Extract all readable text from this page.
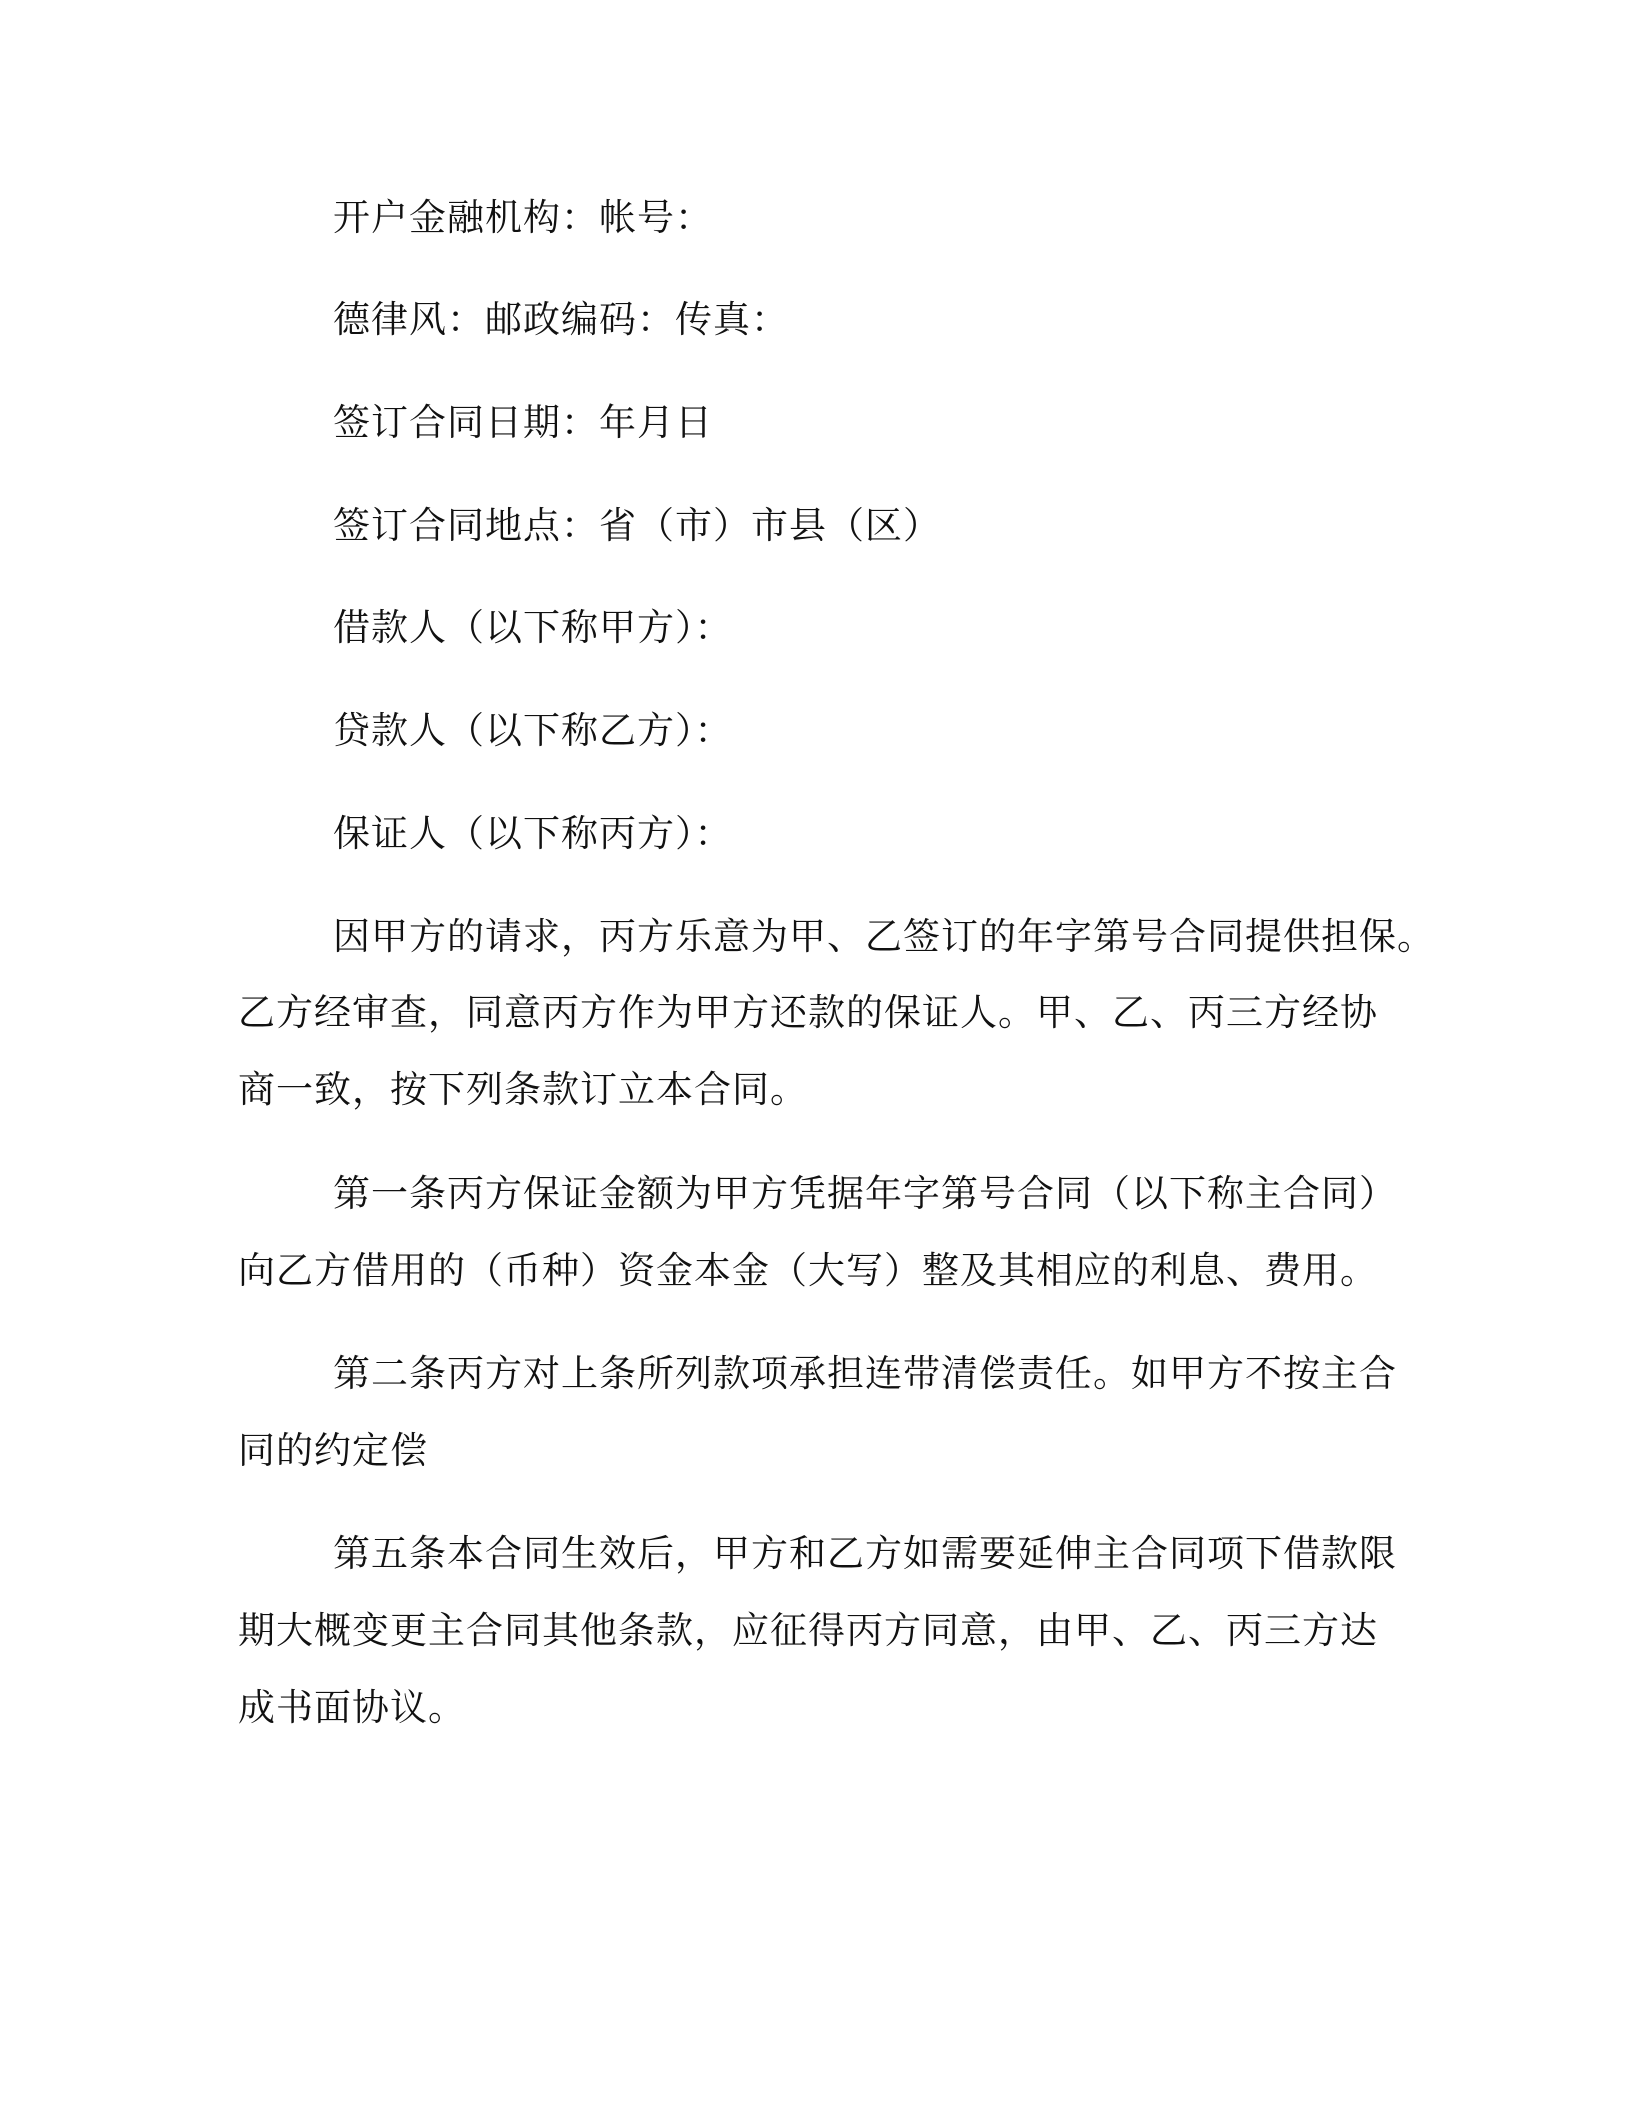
开户金融机构：帐号：
德律风：邮政编码：传真：
签订合同日期：年月日
签订合同地点：省（市）市县（区）
借款人（以下称甲方）：
贷款人（以下称乙方）：
保证人（以下称丙方）：
因甲方的请求，丙方乐意为甲、乙签订的年字第号合同提供担保。
乙方经审查，同意丙方作为甲方还款的保证人。甲、乙、丙三方经协
商一致，按下列条款订立本合同。
第一条丙方保证金额为甲方凭据年字第号合同（以下称主合同）
向乙方借用的（币种）资金本金（大写）整及其相应的利息、费用。
第二条丙方对上条所列款项承担连带清偿责任。如甲方不按主合
同的约定偿
第五条本合同生效后，甲方和乙方如需要延伸主合同项下借款限
期大概变更主合同其他条款，应征得丙方同意，由甲、乙、丙三方达
成书面协议。
